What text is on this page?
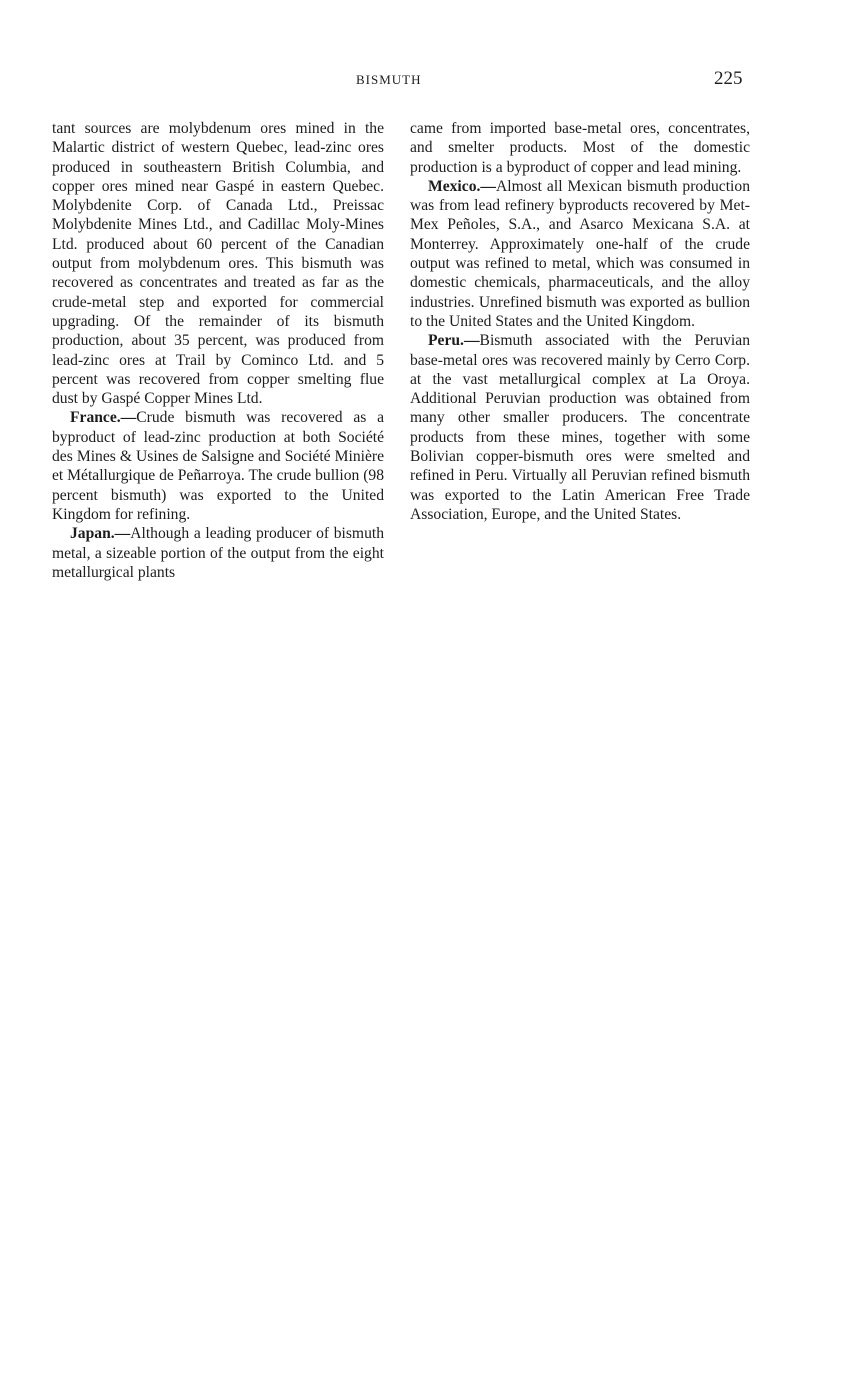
BISMUTH	225

tant sources are molybdenum ores mined in the Malartic district of western Quebec, lead-zinc ores produced in southeastern British Columbia, and copper ores mined near Gaspé in eastern Quebec. Molybdenite Corp. of Canada Ltd., Preissac Molybdenite Mines Ltd., and Cadillac Moly-Mines Ltd. produced about 60 percent of the Canadian output from molybdenum ores. This bismuth was recovered as concentrates and treated as far as the crude-metal step and exported for commercial upgrading. Of the remainder of its bismuth production, about 35 percent, was produced from lead-zinc ores at Trail by Cominco Ltd. and 5 percent was recovered from copper smelting flue dust by Gaspé Copper Mines Ltd.

France.—Crude bismuth was recovered as a byproduct of lead-zinc production at both Société des Mines & Usines de Salsigne and Société Minière et Métallurgique de Peñarroya. The crude bullion (98 percent bismuth) was exported to the United Kingdom for refining.

Japan.—Although a leading producer of bismuth metal, a sizeable portion of the output from the eight metallurgical plants

came from imported base-metal ores, concentrates, and smelter products. Most of the domestic production is a byproduct of copper and lead mining.

Mexico.—Almost all Mexican bismuth production was from lead refinery byproducts recovered by Met-Mex Peñoles, S.A., and Asarco Mexicana S.A. at Monterrey. Approximately one-half of the crude output was refined to metal, which was consumed in domestic chemicals, pharmaceuticals, and the alloy industries. Unrefined bismuth was exported as bullion to the United States and the United Kingdom.

Peru.—Bismuth associated with the Peruvian base-metal ores was recovered mainly by Cerro Corp. at the vast metallurgical complex at La Oroya. Additional Peruvian production was obtained from many other smaller producers. The concentrate products from these mines, together with some Bolivian copper-bismuth ores were smelted and refined in Peru. Virtually all Peruvian refined bismuth was exported to the Latin American Free Trade Association, Europe, and the United States.
